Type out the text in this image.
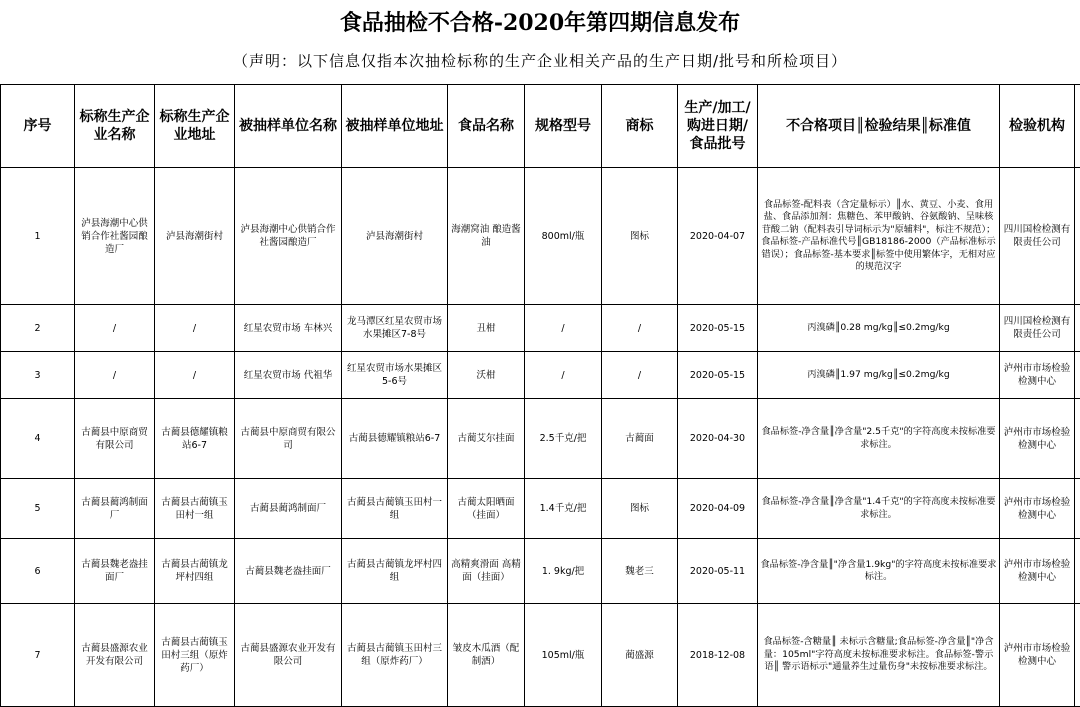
食品抽检不合格-2020年第四期信息发布
（声明：以下信息仅指本次抽检标称的生产企业相关产品的生产日期/批号和所检项目）
序号	标称生产企业名称	标称生产企业地址	被抽样单位名称	被抽样单位地址	食品名称	规格型号	商标	生产/加工/购进日期/食品批号	不合格项目║检验结果║标准值	检验机构	
1	泸县海潮中心供销合作社酱园酿造厂	泸县海潮街村	泸县海潮中心供销合作社酱园酿造厂	泸县海潮街村	海潮窝油 酿造酱油	800ml/瓶	图标	2020-04-07	食品标签-配料表（含定量标示）║水、黄豆、小麦、食用盐、食品添加剂：焦糖色、苯甲酸钠、谷氨酸钠、呈味核苷酸二钠（配料表引导词标示为"原辅料"，标注不规范）；食品标签-产品标准代号║GB18186-2000（产品标准标示错误）；食品标签-基本要求║标签中使用繁体字，无相对应的规范汉字	四川国检检测有限责任公司	
2	/	/	红星农贸市场 车林兴	龙马潭区红星农贸市场水果摊区7-8号	丑柑	/	/	2020-05-15	丙溴磷║0.28 mg/kg║≤0.2mg/kg	四川国检检测有限责任公司	
3	/	/	红星农贸市场 代祖华	红星农贸市场水果摊区5-6号	沃柑	/	/	2020-05-15	丙溴磷║1.97 mg/kg║≤0.2mg/kg	泸州市市场检验检测中心	
4	古蔺县中原商贸有限公司	古蔺县德耀镇粮站6-7	古蔺县中原商贸有限公司	古蔺县德耀镇粮站6-7	古蔺艾尔挂面	2.5千克/把	古蔺面	2020-04-30	食品标签-净含量║净含量"2.5千克"的字符高度未按标准要求标注。	泸州市市场检验检测中心	
5	古蔺县蔺鸿制面厂	古蔺县古蔺镇玉田村一组	古蔺县蔺鸿制面厂	古蔺县古蔺镇玉田村一组	古蔺太阳晒面（挂面）	1.4千克/把	图标	2020-04-09	食品标签-净含量║净含量"1.4千克"的字符高度未按标准要求标注。	泸州市市场检验检测中心	
6	古蔺县魏老盎挂面厂	古蔺县古蔺镇龙坪村四组	古蔺县魏老盎挂面厂	古蔺县古蔺镇龙坪村四组	高精爽滑面 高精面（挂面）	1. 9kg/把	魏老三	2020-05-11	食品标签-净含量║"净含量1.9kg"的字符高度未按标准要求标注。	泸州市市场检验检测中心	
7	古蔺县盛源农业开发有限公司	古蔺县古蔺镇玉田村三组（原炸药厂）	古蔺县盛源农业开发有限公司	古蔺县古蔺镇玉田村三组（原炸药厂）	皱皮木瓜酒（配制酒）	105ml/瓶	蔺盛源	2018-12-08	食品标签-含糖量║ 未标示含糖量;食品标签-净含量║"净含量：105ml"字符高度未按标准要求标注。食品标签-警示语║ 警示语标示"通量养生过量伤身"未按标准要求标注。	泸州市市场检验检测中心	
